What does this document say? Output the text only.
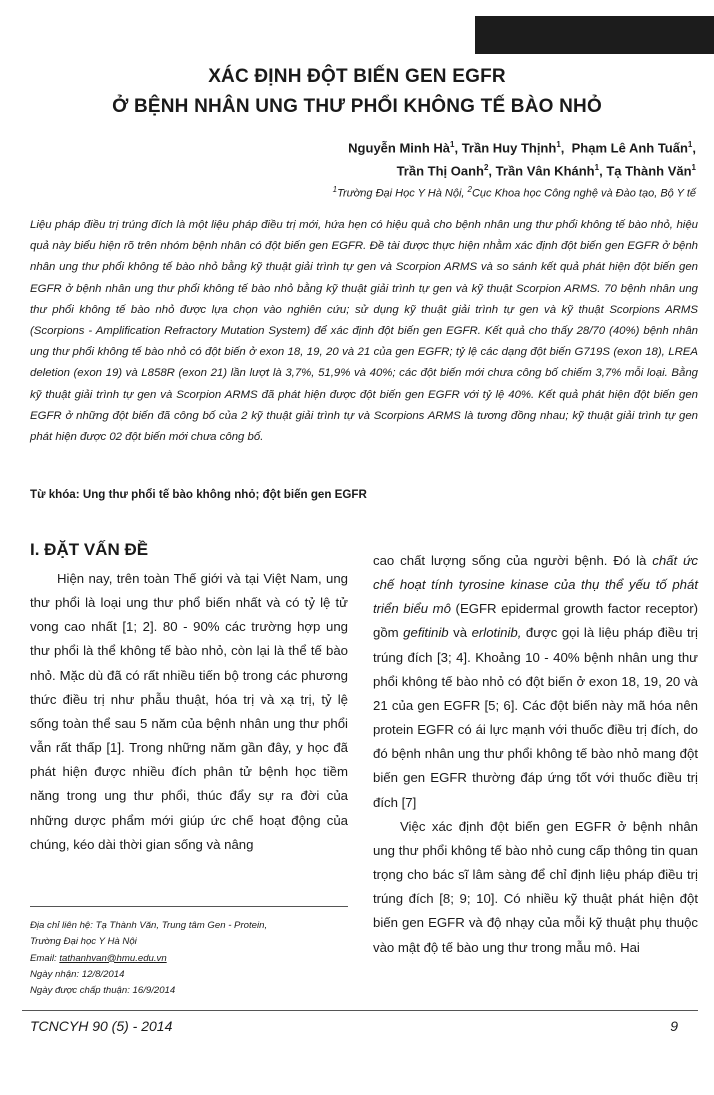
XÁC ĐỊNH ĐỘT BIẾN GEN EGFR
Ở BỆNH NHÂN UNG THƯ PHỔI KHÔNG TẾ BÀO NHỎ
Nguyễn Minh $Hà^1$, Trần Huy Thịnh$^1$,  Phạm Lê Anh Tuấn$^1$,
Trần Thị Oanh$^2$, Trần Vân Khánh$^1$, Tạ Thành Văn$^1$
$^1$Trường Đại Học Y Hà Nội, $^2$Cục Khoa học Công nghệ và Đào tạo, Bộ Y tế
Liệu pháp điều trị trúng đích là một liệu pháp điều trị mới, hứa hẹn có hiệu quả cho bệnh nhân ung thư phổi không tế bào nhỏ, hiệu quả này biểu hiện rõ trên nhóm bệnh nhân có đột biến gen EGFR. Đề tài được thực hiện nhằm xác định đột biến gen EGFR ở bệnh nhân ung thư phổi không tế bào nhỏ bằng kỹ thuật giải trình tự gen và Scorpion ARMS và so sánh kết quả phát hiện đột biến gen EGFR ở bệnh nhân ung thư phổi không tế bào nhỏ bằng kỹ thuật giải trình tự gen và kỹ thuật Scorpion ARMS. 70 bệnh nhân ung thư phổi không tế bào nhỏ được lựa chọn vào nghiên cứu; sử dụng kỹ thuật giải trình tự gen và kỹ thuật Scorpions ARMS (Scorpions - Amplification Refractory Mutation System) để xác định đột biến gen EGFR. Kết quả cho thấy 28/70 (40%) bệnh nhân ung thư phổi không tế bào nhỏ có đột biến ở exon 18, 19, 20 và 21 của gen EGFR; tỷ lệ các dạng đột biến G719S (exon 18), LREA deletion (exon 19) và L858R (exon 21) lần lượt là 3,7%, 51,9% và 40%; các đột biến mới chưa công bố chiếm 3,7% mỗi loại. Bằng kỹ thuật giải trình tự gen và Scorpion ARMS đã phát hiện được đột biến gen EGFR với tỷ lệ 40%. Kết quả phát hiện đột biến gen EGFR ở những đột biến đã công bố của 2 kỹ thuật giải trình tự và Scorpions ARMS là tương đồng nhau; kỹ thuật giải trình tự gen phát hiện được 02 đột biến mới chưa công bố.
Từ khóa: Ung thư phổi tế bào không nhỏ; đột biến gen EGFR
I. ĐẶT VẤN ĐỀ

Hiện nay, trên toàn Thế giới và tại Việt Nam, ung thư phổi là loại ung thư phổ biến nhất và có tỷ lệ tử vong cao nhất [1; 2]. 80 - 90% các trường hợp ung thư phổi là thể không tế bào nhỏ, còn lại là thể tế bào nhỏ. Mặc dù đã có rất nhiều tiến bộ trong các phương thức điều trị như phẫu thuật, hóa trị và xạ trị, tỷ lệ sống toàn thể sau 5 năm của bệnh nhân ung thư phổi vẫn rất thấp [1]. Trong những năm gần đây, y học đã phát hiện được nhiều đích phân tử bệnh học tiềm năng trong ung thư phổi, thúc đẩy sự ra đời của những dược phẩm mới giúp ức chế hoạt động của chúng, kéo dài thời gian sống và nâng

cao chất lượng sống của người bệnh. Đó là chất ức chế hoạt tính tyrosine kinase của thụ thể yếu tố phát triển biểu mô (EGFR epidermal growth factor receptor) gồm gefitinib và erlotinib, được gọi là liệu pháp điều trị trúng đích [3; 4]. Khoảng 10 - 40% bệnh nhân ung thư phổi không tế bào nhỏ có đột biến ở exon 18, 19, 20 và 21 của gen EGFR [5; 6]. Các đột biến này mã hóa nên protein EGFR có ái lực mạnh với thuốc điều trị đích, do đó bệnh nhân ung thư phổi không tế bào nhỏ mang đột biến gen EGFR thường đáp ứng tốt với thuốc điều trị đích [7]

Việc xác định đột biến gen EGFR ở bệnh nhân ung thư phổi không tế bào nhỏ cung cấp thông tin quan trọng cho bác sĩ lâm sàng để chỉ định liệu pháp điều trị trúng đích [8; 9; 10]. Có nhiều kỹ thuật phát hiện đột biến gen EGFR và độ nhạy của mỗi kỹ thuật phụ thuộc vào mật độ tế bào ung thư trong mẫu mô. Hai

Địa chỉ liên hệ: Tạ Thành Văn, Trung tâm Gen - Protein,
Trường Đại học Y Hà Nội
Email: tathanhvan@hmu.edu.vn
Ngày nhận: 12/8/2014
Ngày được chấp thuận: 16/9/2014
TCNCYH 90 (5) - 2014	9
